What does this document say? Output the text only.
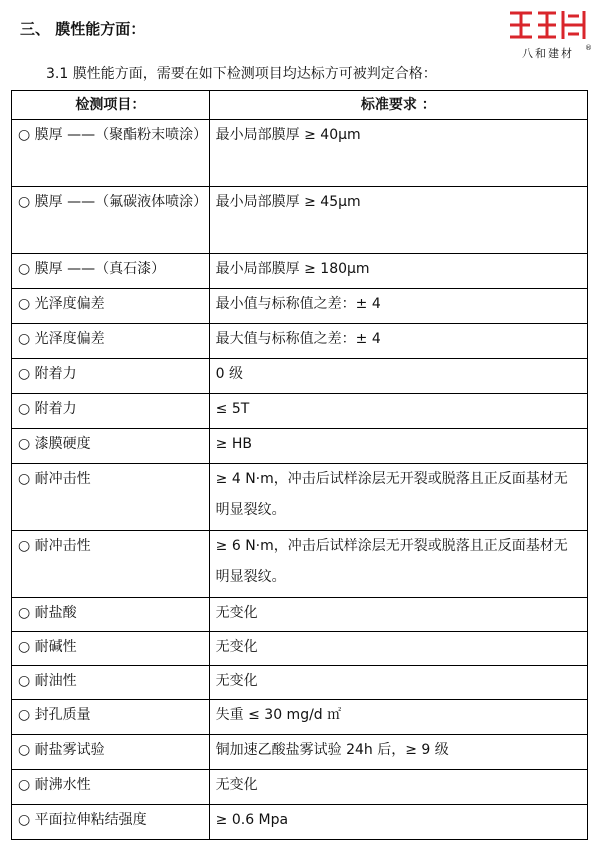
三、 膜性能方面：
八和建材	®
3.1 膜性能方面，需要在如下检测项目均达标方可被判定合格：
检测项目：	标准要求 ：
○ 膜厚 ——（聚酯粉末喷涂）	最小局部膜厚 ≥ 40μm
○ 膜厚 ——（氟碳液体喷涂）	最小局部膜厚 ≥ 45μm
○ 膜厚 ——（真石漆）	最小局部膜厚 ≥ 180μm
○ 光泽度偏差	最小值与标称值之差：± 4
○ 光泽度偏差	最大值与标称值之差：± 4
○ 附着力	0 级
○ 附着力	≤ 5T
○ 漆膜硬度	≥ HB
○ 耐冲击性	≥ 4 N·m，冲击后试样涂层无开裂或脱落且正反面基材无明显裂纹。
○ 耐冲击性	≥ 6 N·m，冲击后试样涂层无开裂或脱落且正反面基材无明显裂纹。
○ 耐盐酸	无变化
○ 耐碱性	无变化
○ 耐油性	无变化
○ 封孔质量	失重 ≤ 30 mg/d ㎡
○ 耐盐雾试验	铜加速乙酸盐雾试验 24h 后，≥ 9 级
○ 耐沸水性	无变化
○ 平面拉伸粘结强度	≥ 0.6 Mpa
